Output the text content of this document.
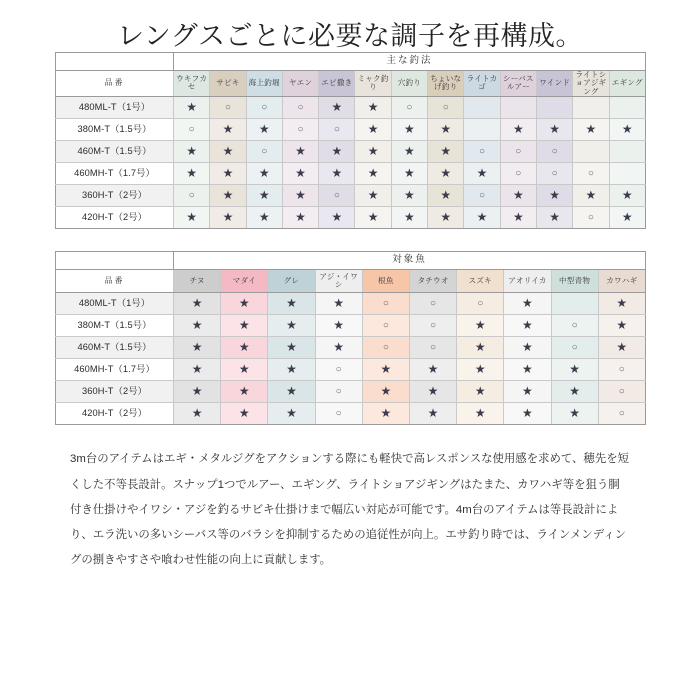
レングスごとに必要な調子を再構成。
	主な釣法												
品番	ウキフカセ	サビキ	海上釣堀	ヤエン	エビ撒き	ミャク釣り	穴釣り	ちょいなげ釣り	ライトカゴ	シーバスルアー	ワインド	ライトショアジギング	エギング
480ML-T（1号）	★	○	○	○	★	★	○	○					
380M-T（1.5号）	○	★	★	○	○	★	★	★		★	★	★	★
460M-T（1.5号）	★	★	○	★	★	★	★	★	○	○	○		
460MH-T（1.7号）	★	★	★	★	★	★	★	★	★	○	○	○	
360H-T（2号）	○	★	★	★	○	★	★	★	○	★	★	★	★
420H-T（2号）	★	★	★	★	★	★	★	★	★	★	★	○	★
	対象魚									
品番	チヌ	マダイ	グレ	アジ・イワシ	根魚	タチウオ	スズキ	アオリイカ	中型青物	カワハギ
480ML-T（1号）	★	★	★	★	○	○	○	★		★
380M-T（1.5号）	★	★	★	★	○	○	★	★	○	★
460M-T（1.5号）	★	★	★	★	○	○	★	★	○	★
460MH-T（1.7号）	★	★	★	○	★	★	★	★	★	○
360H-T（2号）	★	★	★	○	★	★	★	★	★	○
420H-T（2号）	★	★	★	○	★	★	★	★	★	○

3m台のアイテムはエギ・メタルジグをアクションする際にも軽快で高レスポンスな使用感を求めて、穂先を短くした不等長設計。スナップ1つでルアー、エギング、ライトショアジギングはたまた、カワハギ等を狙う胴付き仕掛けやイワシ・アジを釣るサビキ仕掛けまで幅広い対応が可能です。4m台のアイテムは等長設計により、エラ洗いの多いシーバス等のバラシを抑制するための追従性が向上。エサ釣り時では、ラインメンディングの捌きやすさや喰わせ性能の向上に貢献します。
